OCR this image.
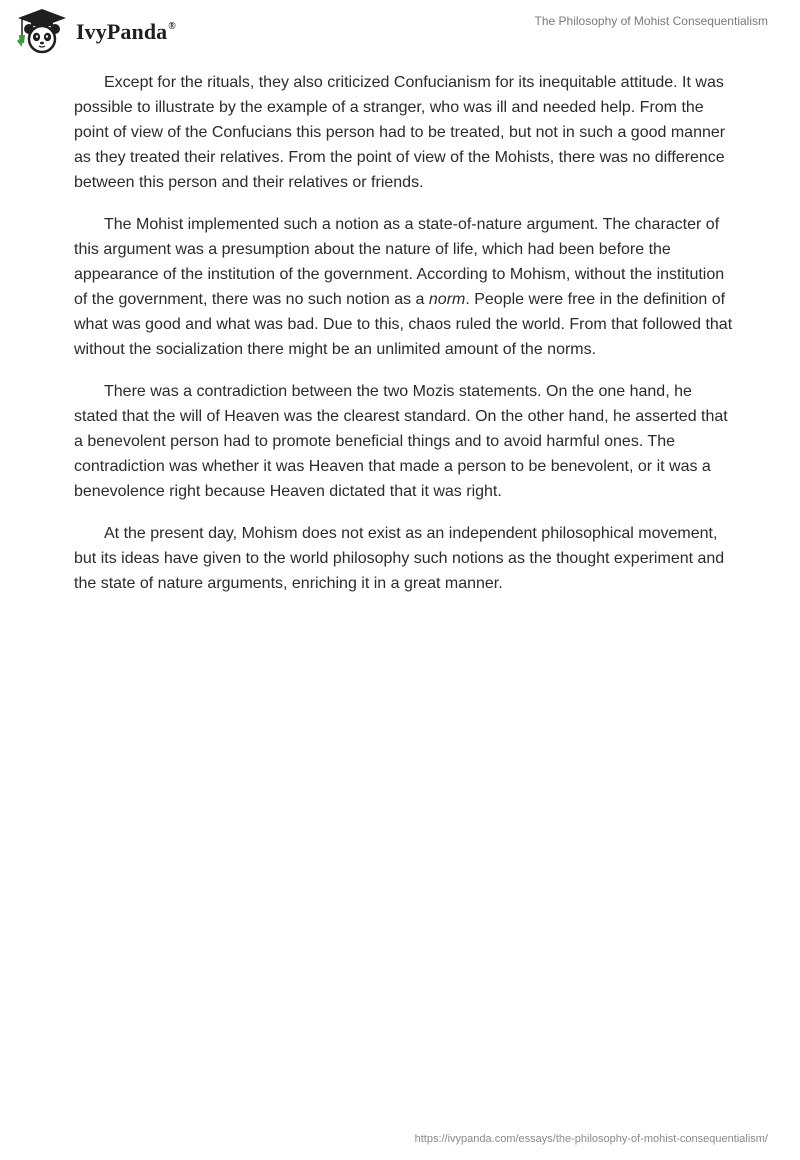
IvyPanda®	The Philosophy of Mohist Consequentialism

Except for the rituals, they also criticized Confucianism for its inequitable attitude. It was possible to illustrate by the example of a stranger, who was ill and needed help. From the point of view of the Confucians this person had to be treated, but not in such a good manner as they treated their relatives. From the point of view of the Mohists, there was no difference between this person and their relatives or friends.

The Mohist implemented such a notion as a state-of-nature argument. The character of this argument was a presumption about the nature of life, which had been before the appearance of the institution of the government. According to Mohism, without the institution of the government, there was no such notion as a norm. People were free in the definition of what was good and what was bad. Due to this, chaos ruled the world. From that followed that without the socialization there might be an unlimited amount of the norms.

There was a contradiction between the two Mozis statements. On the one hand, he stated that the will of Heaven was the clearest standard. On the other hand, he asserted that a benevolent person had to promote beneficial things and to avoid harmful ones. The contradiction was whether it was Heaven that made a person to be benevolent, or it was a benevolence right because Heaven dictated that it was right.

At the present day, Mohism does not exist as an independent philosophical movement, but its ideas have given to the world philosophy such notions as the thought experiment and the state of nature arguments, enriching it in a great manner.

https://ivypanda.com/essays/the-philosophy-of-mohist-consequentialism/
